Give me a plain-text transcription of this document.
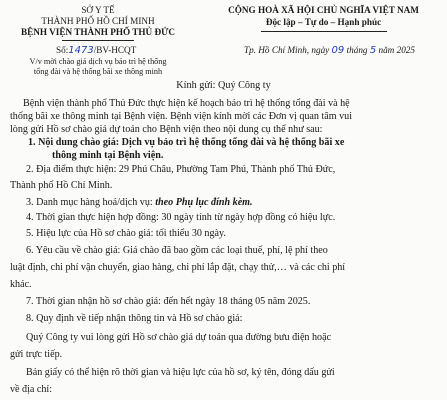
SỞ Y TẾ
THÀNH PHỐ HỒ CHÍ MINH
BỆNH VIỆN THÀNH PHỐ THỦ ĐỨC
Số:1473/BV-HCQT
V/v mời chào giá dịch vụ bảo trì hệ thống
tổng đài và hệ thống bãi xe thông minh
CỘNG HOÀ XÃ HỘI CHỦ NGHĨA VIỆT NAM
Độc lập – Tự do – Hạnh phúc
Tp. Hồ Chí Minh, ngày 09 tháng 5 năm 2025
Kính gửi: Quý Công ty
Bệnh viện thành phố Thủ Đức thực hiện kế hoạch bảo trì hệ thống tổng đài và hệ
thống bãi xe thông minh tại Bệnh viện. Bệnh viện kính mời các Đơn vị quan tâm vui
lòng gửi Hồ sơ chào giá dự toán cho Bệnh viện theo nội dung cụ thể như sau:
1. Nội dung chào giá: Dịch vụ bảo trì hệ thống tổng đài và hệ thống bãi xe
thông minh tại Bệnh viện.
2. Địa điểm thực hiện: 29 Phú Châu, Phường Tam Phú, Thành phố Thủ Đức,
Thành phố Hồ Chí Minh.
3. Danh mục hàng hoá/dịch vụ: theo Phụ lục đính kèm.
4. Thời gian thực hiện hợp đồng: 30 ngày tính từ ngày hợp đồng có hiệu lực.
5. Hiệu lực của Hồ sơ chào giá: tối thiểu 30 ngày.
6. Yêu cầu về chào giá: Giá chào đã bao gồm các loại thuế, phí, lệ phí theo
luật định, chi phí vận chuyển, giao hàng, chi phí lắp đặt, chạy thử,… và các chi phí
khác.
7. Thời gian nhận hồ sơ chào giá: đến hết ngày 18 tháng 05 năm 2025.
8. Quy định về tiếp nhận thông tin và Hồ sơ chào giá:
Quý Công ty vui lòng gửi Hồ sơ chào giá dự toán qua đường bưu điện hoặc
gửi trực tiếp.
Bản giấy có thể hiện rõ thời gian và hiệu lực của hồ sơ, ký tên, đóng dấu gửi
về địa chỉ:
